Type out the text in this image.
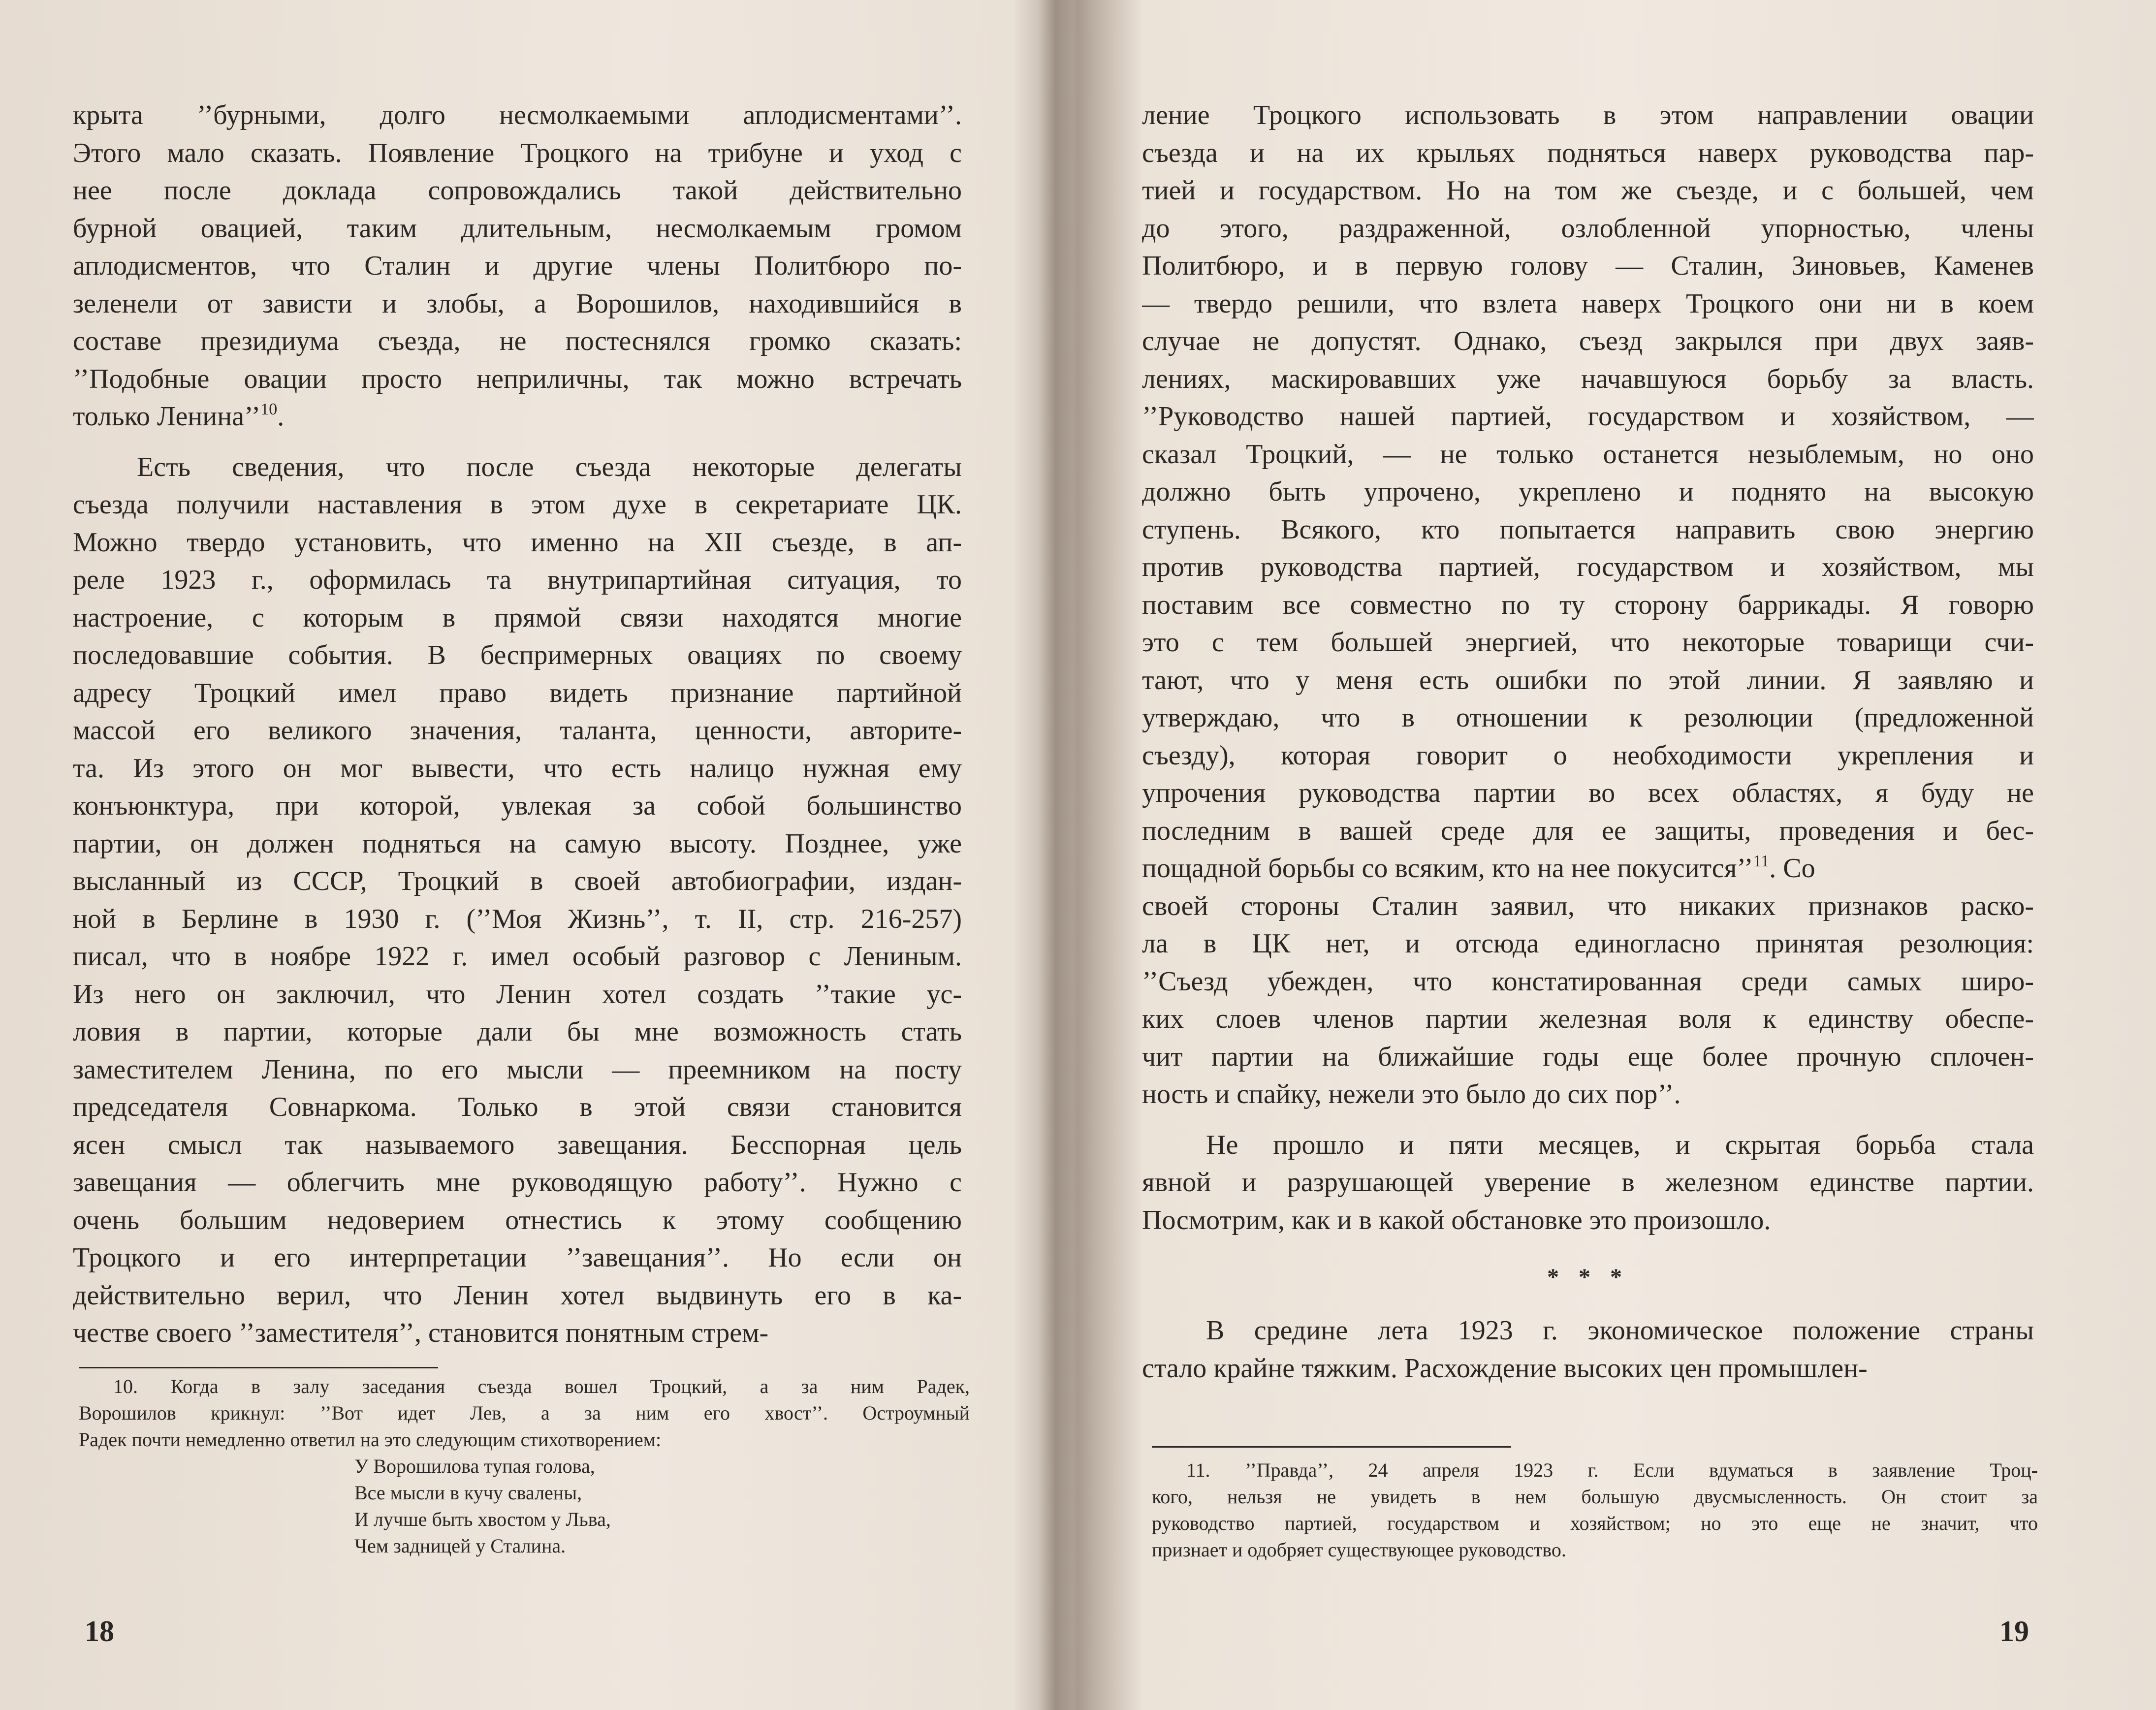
крыта ’’бурными, долго несмолкаемыми аплодисментами’’.
Этого мало сказать. Появление Троцкого на трибуне и уход с
нее после доклада сопровождались такой действительно
бурной овацией, таким длительным, несмолкаемым громом
аплодисментов, что Сталин и другие члены Политбюро по-
зеленели от зависти и злобы, а Ворошилов, находившийся в
составе президиума съезда, не постеснялся громко сказать:
’’Подобные овации просто неприличны, так можно встречать
только Ленина’’$^{10}$.
Есть сведения, что после съезда некоторые делегаты
съезда получили наставления в этом духе в секретариате ЦК.
Можно твердо установить, что именно на XII съезде, в ап-
реле 1923 г., оформилась та внутрипартийная ситуация, то
настроение, с которым в прямой связи находятся многие
последовавшие события. В беспримерных овациях по своему
адресу Троцкий имел право видеть признание партийной
массой его великого значения, таланта, ценности, авторите-
та. Из этого он мог вывести, что есть налицо нужная ему
конъюнктура, при которой, увлекая за собой большинство
партии, он должен подняться на самую высоту. Позднее, уже
высланный из СССР, Троцкий в своей автобиографии, издан-
ной в Берлине в 1930 г. (’’Моя Жизнь’’, т. II, стр. 216-257)
писал, что в ноябре 1922 г. имел особый разговор с Лениным.
Из него он заключил, что Ленин хотел создать ’’такие ус-
ловия в партии, которые дали бы мне возможность стать
заместителем Ленина, по его мысли — преемником на посту
председателя Совнаркома. Только в этой связи становится
ясен смысл так называемого завещания. Бесспорная цель
завещания — облегчить мне руководящую работу’’. Нужно с
очень большим недоверием отнестись к этому сообщению
Троцкого и его интерпретации ’’завещания’’. Но если он
действительно верил, что Ленин хотел выдвинуть его в ка-
честве своего ’’заместителя’’, становится понятным стрем-
10. Когда в залу заседания съезда вошел Троцкий, а за ним Радек,
Ворошилов крикнул: ’’Вот идет Лев, а за ним его хвост’’. Остроумный
Радек почти немедленно ответил на это следующим стихотворением:
У Ворошилова тупая голова,
Все мысли в кучу свалены,
И лучше быть хвостом у Льва,
Чем задницей у Сталина.
18
ление Троцкого использовать в этом направлении овации
съезда и на их крыльях подняться наверх руководства пар-
тией и государством. Но на том же съезде, и с большей, чем
до этого, раздраженной, озлобленной упорностью, члены
Политбюро, и в первую голову — Сталин, Зиновьев, Каменев
— твердо решили, что взлета наверх Троцкого они ни в коем
случае не допустят. Однако, съезд закрылся при двух заяв-
лениях, маскировавших уже начавшуюся борьбу за власть.
’’Руководство нашей партией, государством и хозяйством, —
сказал Троцкий, — не только останется незыблемым, но оно
должно быть упрочено, укреплено и поднято на высокую
ступень. Всякого, кто попытается направить свою энергию
против руководства партией, государством и хозяйством, мы
поставим все совместно по ту сторону баррикады. Я говорю
это с тем большей энергией, что некоторые товарищи счи-
тают, что у меня есть ошибки по этой линии. Я заявляю и
утверждаю, что в отношении к резолюции (предложенной
съезду), которая говорит о необходимости укрепления и
упрочения руководства партии во всех областях, я буду не
последним в вашей среде для ее защиты, проведения и бес-
пощадной борьбы со всяким, кто на нее покусится’’$^{11}$. Со
своей стороны Сталин заявил, что никаких признаков раско-
ла в ЦК нет, и отсюда единогласно принятая резолюция:
’’Съезд убежден, что констатированная среди самых широ-
ких слоев членов партии железная воля к единству обеспе-
чит партии на ближайшие годы еще более прочную сплочен-
ность и спайку, нежели это было до сих пор’’.
Не прошло и пяти месяцев, и скрытая борьба стала
явной и разрушающей уверение в железном единстве партии.
Посмотрим, как и в какой обстановке это произошло.
* * *
В средине лета 1923 г. экономическое положение страны
стало крайне тяжким. Расхождение высоких цен промышлен-
11. ’’Правда’’, 24 апреля 1923 г. Если вдуматься в заявление Троц-
кого, нельзя не увидеть в нем большую двусмысленность. Он стоит за
руководство партией, государством и хозяйством; но это еще не значит, что
признает и одобряет существующее руководство.
19
